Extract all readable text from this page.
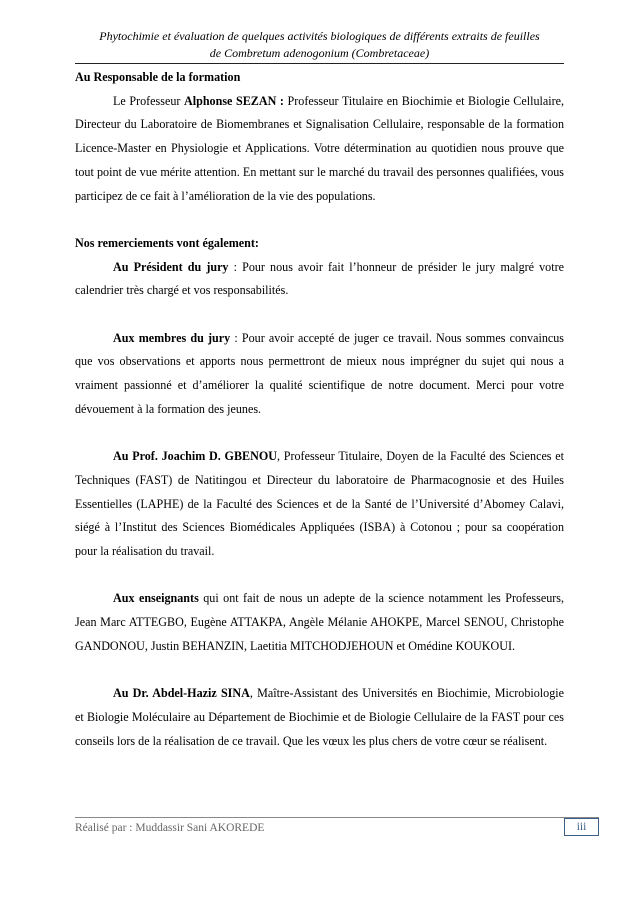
Phytochimie et évaluation de quelques activités biologiques de différents extraits de feuilles
de Combretum adenogonium (Combretaceae)

Au Responsable de la formation

Le Professeur Alphonse SEZAN : Professeur Titulaire en Biochimie et Biologie Cellulaire, Directeur du Laboratoire de Biomembranes et Signalisation Cellulaire, responsable de la formation Licence-Master en Physiologie et Applications. Votre détermination au quotidien nous prouve que tout point de vue mérite attention. En mettant sur le marché du travail des personnes qualifiées, vous participez de ce fait à l’amélioration de la vie des populations.

Nos remerciements vont également:

Au Président du jury : Pour nous avoir fait l’honneur de présider le jury malgré votre calendrier très chargé et vos responsabilités.

Aux membres du jury : Pour avoir accepté de juger ce travail. Nous sommes convaincus que vos observations et apports nous permettront de mieux nous imprégner du sujet qui nous a vraiment passionné et d’améliorer la qualité scientifique de notre document. Merci pour votre dévouement à la formation des jeunes.

Au Prof. Joachim D. GBENOU, Professeur Titulaire, Doyen de la Faculté des Sciences et Techniques (FAST) de Natitingou et Directeur du laboratoire de Pharmacognosie et des Huiles Essentielles (LAPHE) de la Faculté des Sciences et de la Santé de l’Université d’Abomey Calavi, siégé à l’Institut des Sciences Biomédicales Appliquées (ISBA) à Cotonou ; pour sa coopération pour la réalisation du travail.

Aux enseignants qui ont fait de nous un adepte de la science notamment les Professeurs, Jean Marc ATTEGBO, Eugène ATTAKPA, Angèle Mélanie AHOKPE, Marcel SENOU, Christophe GANDONOU, Justin BEHANZIN, Laetitia MITCHODJEHOUN et Omédine KOUKOUI.

Au Dr. Abdel-Haziz SINA, Maître-Assistant des Universités en Biochimie, Microbiologie et Biologie Moléculaire au Département de Biochimie et de Biologie Cellulaire de la FAST pour ces conseils lors de la réalisation de ce travail. Que les vœux les plus chers de votre cœur se réalisent.

Réalisé par : Muddassir Sani AKOREDE	iii
